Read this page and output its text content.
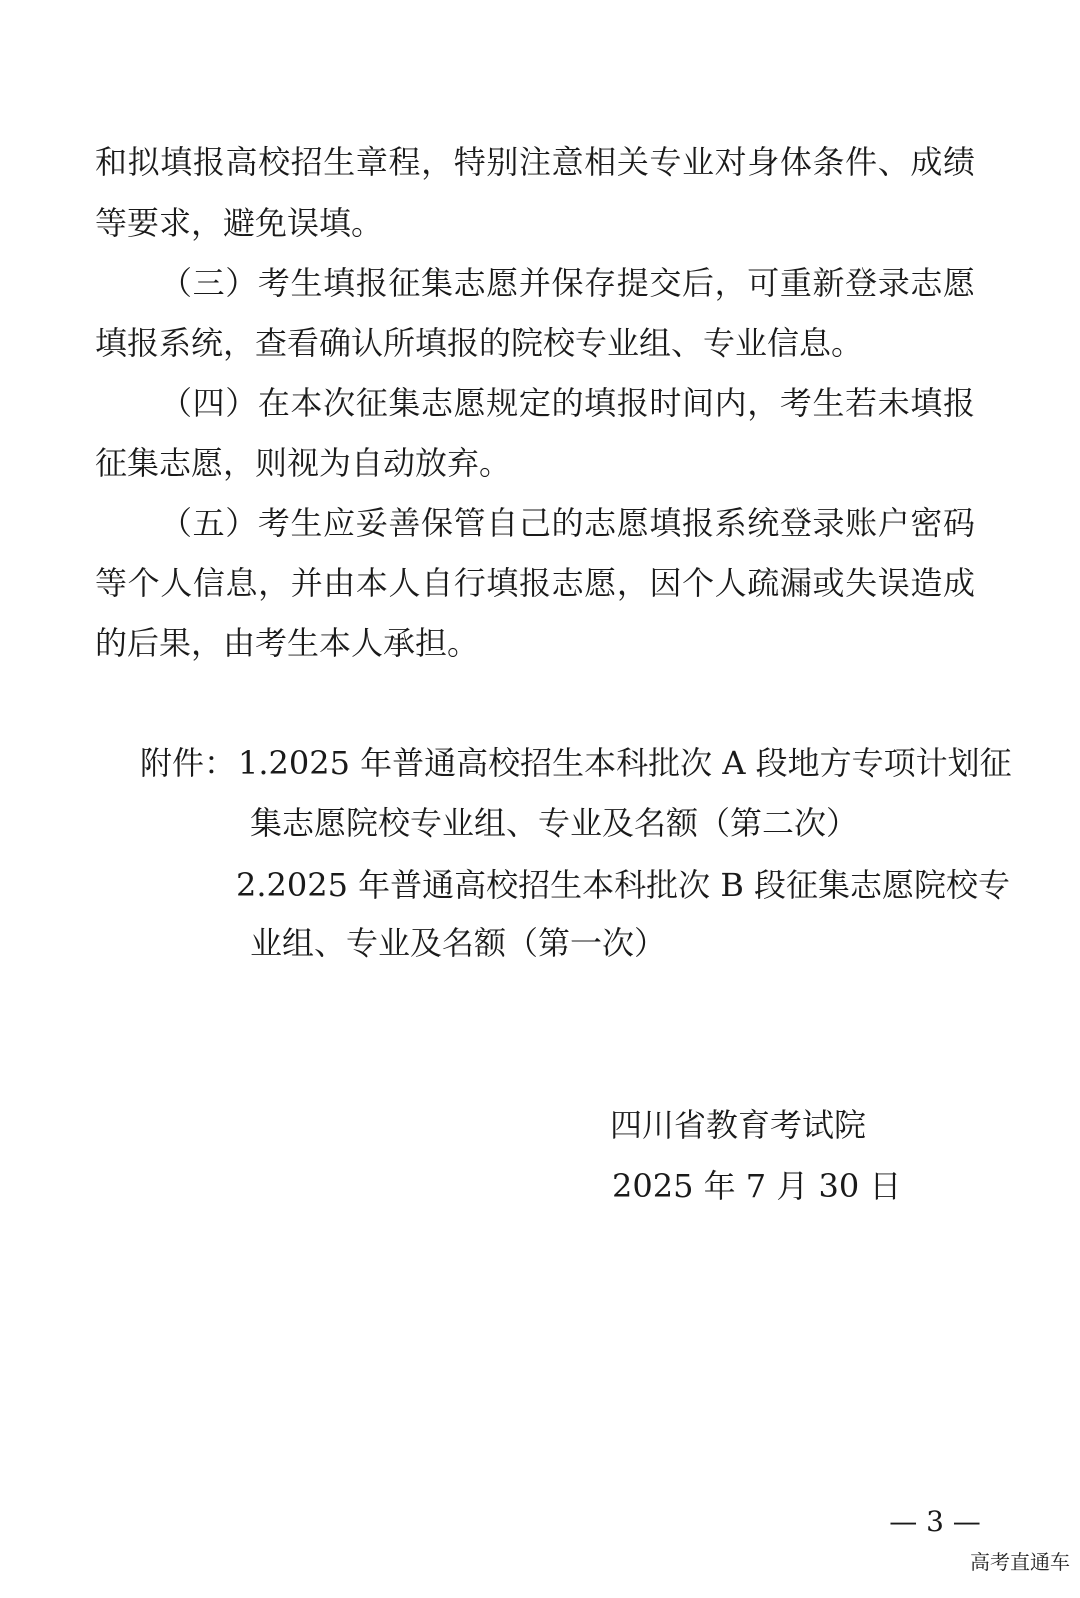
和拟填报高校招生章程，特别注意相关专业对身体条件、成绩
等要求，避免误填。
（三）考生填报征集志愿并保存提交后，可重新登录志愿
填报系统，查看确认所填报的院校专业组、专业信息。
（四）在本次征集志愿规定的填报时间内，考生若未填报
征集志愿，则视为自动放弃。
（五）考生应妥善保管自己的志愿填报系统登录账户密码
等个人信息，并由本人自行填报志愿，因个人疏漏或失误造成
的后果，由考生本人承担。
附件： 1.2025 年普通高校招生本科批次 A 段地方专项计划征
集志愿院校专业组、专业及名额（第二次）
2.2025 年普通高校招生本科批次 B 段征集志愿院校专
业组、专业及名额（第一次）
四川省教育考试院
2025 年 7 月 30 日
— 3 —
高考直通车
